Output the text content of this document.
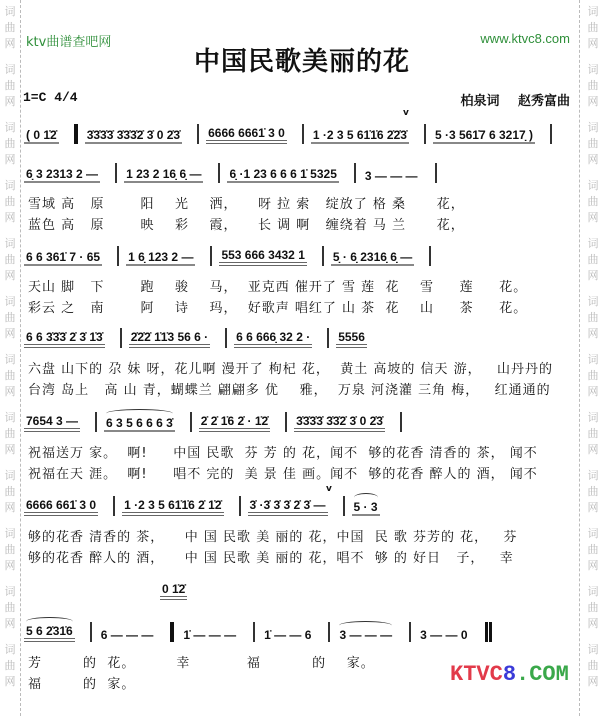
词
曲
网
词
曲
网
词
曲
网
词
曲
网
词
曲
网
词
曲
网
词
曲
网
词
曲
网
词
曲
网
词
曲
网
词
曲
网
词
曲
网
词
曲
网
词
曲
网
词
曲
网
词
曲
网
词
曲
网
词
曲
网
词
曲
网
词
曲
网
词
曲
网
词
曲
网
词
曲
网
词
曲
网
ktv曲谱查吧网	www.ktvc8.com
中国民歌美丽的花
1=C 4/4	柏泉词 赵秀富曲
v
( 0 1̇2̇	3̇3̇3̇3̇ 3̇3̇3̇2̇ 3̇ 0 2̇3̇ 6666 6661̇ 3 0 1 ·2 3 5 61̇1̇6 2̇2̇3̇ 5 ·3 561̇7 6 3217̣ )
6̣ 3 2313 2 — 1 23 2 16̣ 6̣ — 6̣ ·1 23 6 6 6 1̇ 5325 3 — — —
雪域 高   原       阳    光    洒，    呀 拉 索   绽放了 格 桑      花，
蓝色 高   原       映    彩    霞，    长 调 啊   缠绕着 马 兰      花，
6 6 361̇ 7 · 65 1 6̣ 123 2 — 553 666 3432 1 5̣ · 6̣ 2316̣ 6̣ —
天山 脚   下       跑    骏    马，  亚克西 催开了 雪 莲  花    雪     莲     花。
彩云 之   南       阿    诗    玛，  好歌声 唱红了 山 茶  花    山     茶     花。
6 6 3̇3̇3̇ 2̇ 3̇ 1̇3̇ 2̇2̇2̇ 1̇1̇3 56 6 · 6 6 666̣ 32 2 · 5556
六盘 山下的 尕 妹 呀，花儿啊 漫开了 枸杞 花，  黄土 高坡的 信天 游，   山丹丹的
台湾 岛上   高 山 青，蝴蝶兰 翩翩多 优    雅，  万泉 河浇灌 三角 梅，   红通通的
7654 3 — 6 3 5 6 6 6 3̇ 2̇ 2̇ 1̇6 2̇ · 1̇2̇ 3̇3̇3̇3̇ 3̇3̇2̇ 3̇ 0 2̇3̇
祝福送万 家。  啊!     中国 民歌  芬 芳 的 花，闻不  够的花香 清香的 茶， 闻不
祝福在天 涯。  啊!     唱不 完的  美 景 佳 画。闻不  够的花香 醉人的 酒， 闻不
v
6666 661̇ 3 0 1 ·2 3 5 61̇1̇6 2̇ 1̇2̇ 3̇ ·3̇ 3̇ 3̇ 2̇ 3̇ — 5 · 3
够的花香 清香的 茶，    中 国 民歌 美 丽的 花，中国  民 歌 芬芳的 花，   芬
够的花香 醉人的 酒，    中 国 民歌 美 丽的 花，唱不  够 的 好日   子，   幸
0 1̇2̇
5 6 2̇31̇6 6 — — —	1̇ — — — 1̇ — — 6 3 — — — 3 — — 0
芳        的  花。        幸           福          的    家。
福        的  家。	KTVC8.COM
